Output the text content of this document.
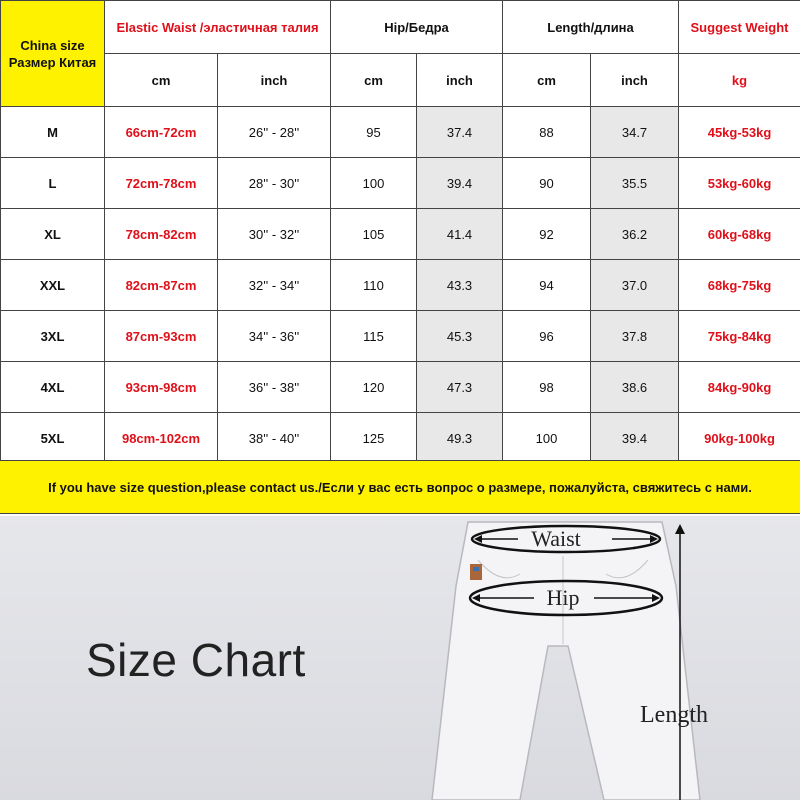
China size
Размер Китая	Elastic Waist /эластичная талия		Hip/Бедра		Length/длина		Suggest Weight
	cm	inch	cm	inch	cm	inch	kg
M	66cm-72cm	26'' - 28''	95	37.4	88	34.7	45kg-53kg
L	72cm-78cm	28'' - 30''	100	39.4	90	35.5	53kg-60kg
XL	78cm-82cm	30'' - 32''	105	41.4	92	36.2	60kg-68kg
XXL	82cm-87cm	32'' - 34''	110	43.3	94	37.0	68kg-75kg
3XL	87cm-93cm	34'' - 36''	115	45.3	96	37.8	75kg-84kg
4XL	93cm-98cm	36'' - 38''	120	47.3	98	38.6	84kg-90kg
5XL	98cm-102cm	38'' - 40''	125	49.3	100	39.4	90kg-100kg
If you have size question,please contact us./Если у вас есть вопрос о размере, пожалуйста, свяжитесь с нами.
Waist
Hip
Length
Size Chart
